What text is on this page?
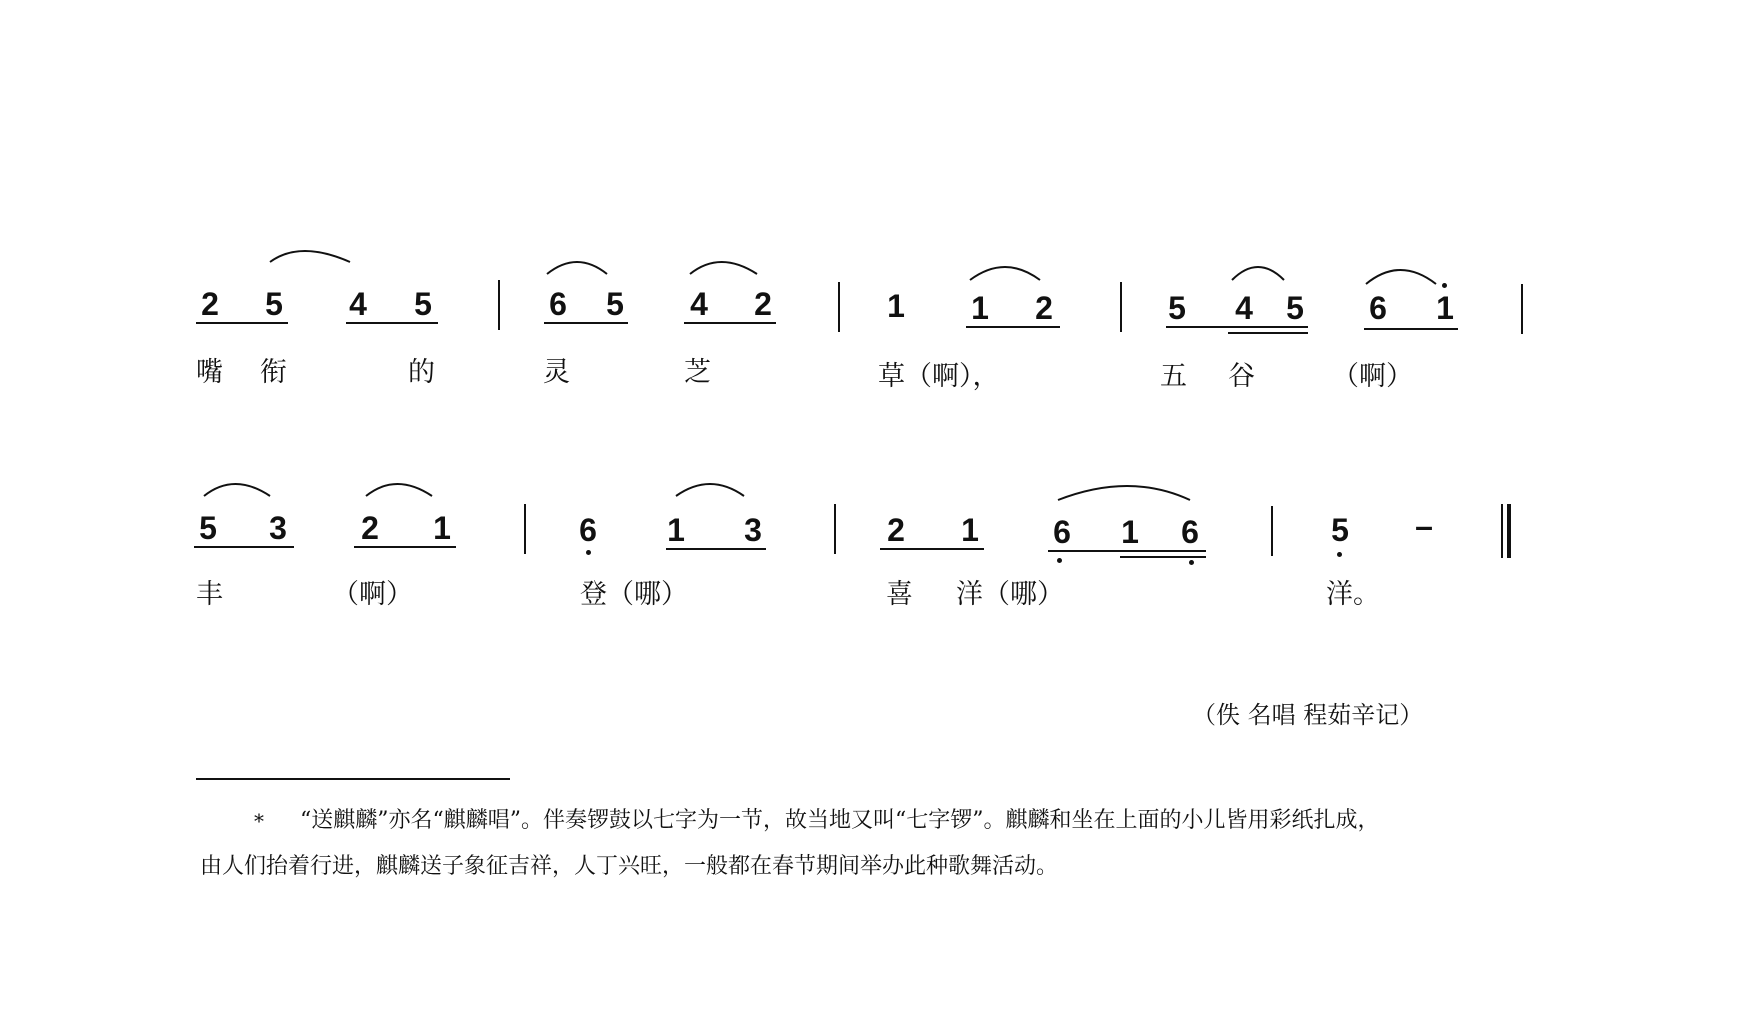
2	5	4	5	6	5	4	2	1	1	2	5	4	5	6	1
嘴 衔	的	灵	芝	草（啊），	五 谷	（啊）
5	3	2	1	6	1	3	2	1	6	1	6	5	–
丰	（啊）	登（哪）	喜 洋（哪）	洋。
（佚 名唱 程茹辛记）
* “送麒麟”亦名“麒麟唱”。伴奏锣鼓以七字为一节，故当地又叫“七字锣”。麒麟和坐在上面的小儿皆用彩纸扎成，
由人们抬着行进，麒麟送子象征吉祥，人丁兴旺，一般都在春节期间举办此种歌舞活动。
